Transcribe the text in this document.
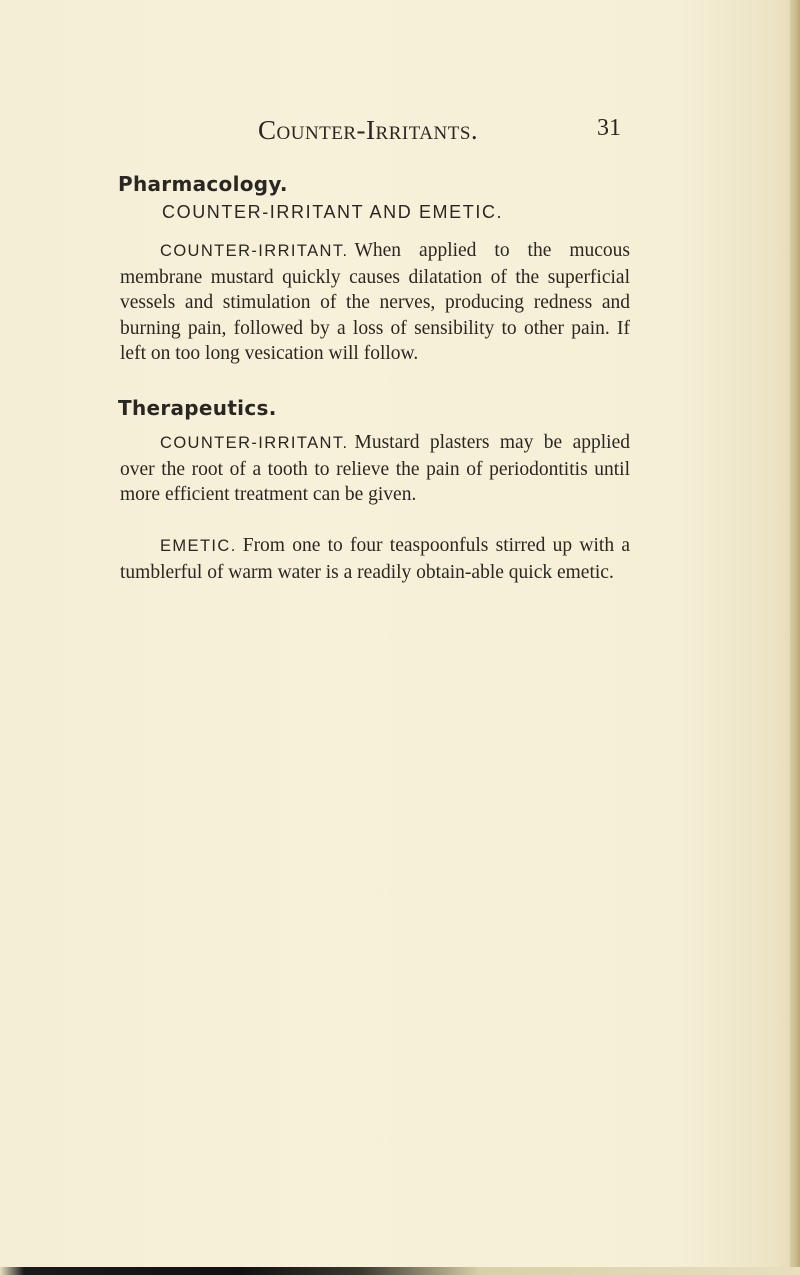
Counter-Irritants.	31
Pharmacology.
COUNTER-IRRITANT AND EMETIC.

COUNTER-IRRITANT. When applied to the mucous membrane mustard quickly causes dilatation of the superficial vessels and stimulation of the nerves, producing redness and burning pain, followed by a loss of sensibility to other pain. If left on too long vesication will follow.

Therapeutics.

COUNTER-IRRITANT. Mustard plasters may be applied over the root of a tooth to relieve the pain of periodontitis until more efficient treatment can be given.

EMETIC. From one to four teaspoonfuls stirred up with a tumblerful of warm water is a readily obtain-able quick emetic.
